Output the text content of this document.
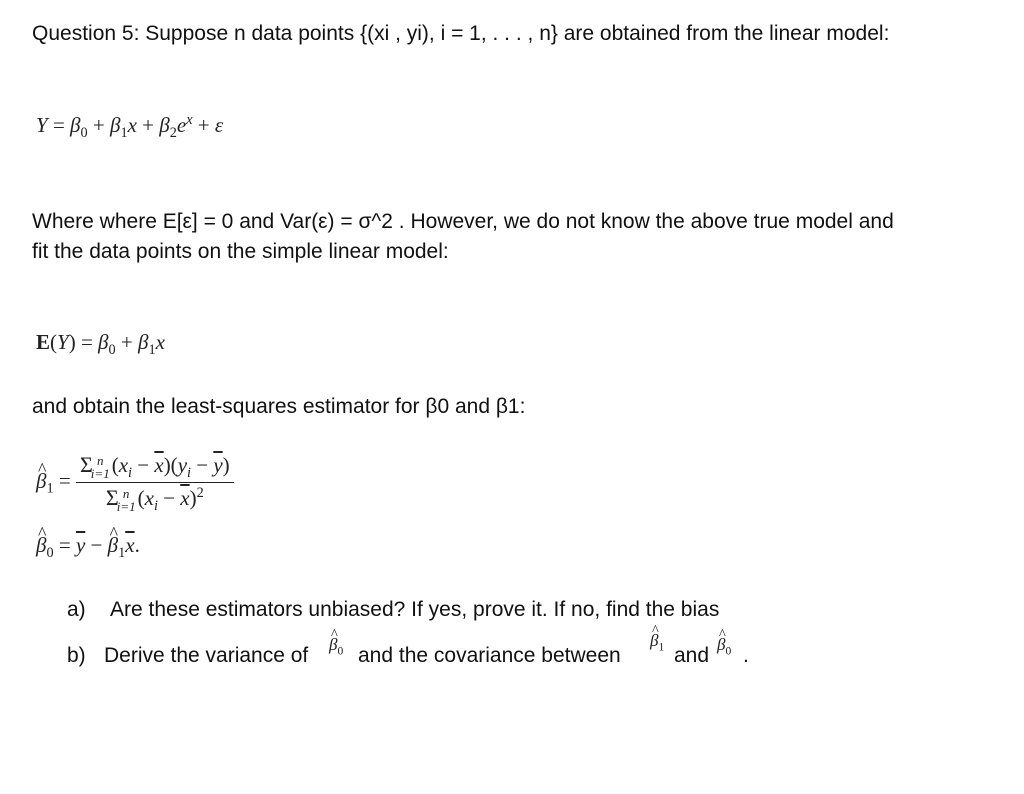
Question 5: Suppose n data points {(xi , yi), i = 1, . . . , n} are obtained from the linear model:
$Y = \beta_0 + \beta_1x + \beta_2e^x + \varepsilon$
Where where E[ε] = 0 and Var(ε) = σ^2 . However, we do not know the above true model and
fit the data points on the simple linear model:
$E(Y) = \beta_0 + \beta_1x$
and obtain the least-squares estimator for β0 and β1:
^ $\beta_1 = \Sigma$ n
i=1 $(x_i - \overline{x})(y_i - \overline{y})$
Σ n
i=1 $(x_i - \overline{x})^2$
^ $\beta_0 = \overline{y}$ − ^ $\beta_1\overline{x}$.
a) Are these estimators unbiased? If yes, prove it. If no, find the bias
b) Derive the variance of ^ $\beta_0$ and the covariance between
^ $\beta_1$ and ^ $\beta_0$ .
